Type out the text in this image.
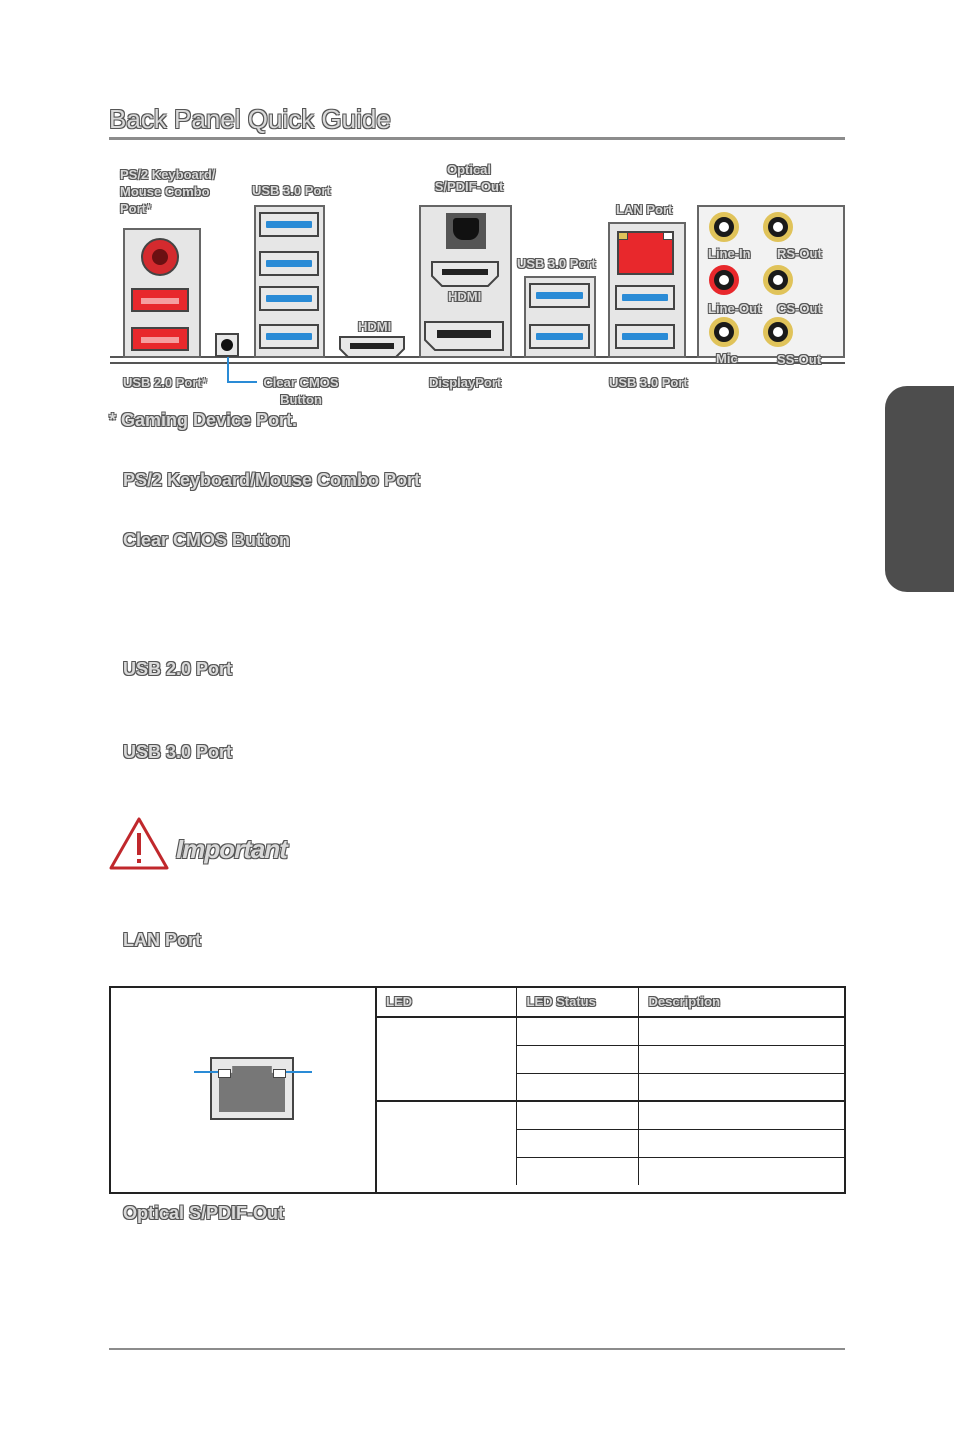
Back Panel Quick Guide
PS/2 Keyboard/
Mouse Combo
Port*
USB 3.0 Port
Optical
S/PDIF-Out
LAN Port
USB 3.0 Port
HDMI
HDMI
Line-In RS-Out
Line-Out CS-Out
Mic	SS-Out
USB 2.0 Port*	Clear CMOS
Button
DisplayPort	USB 3.0 Port
* Gaming Device Port.
PS/2 Keyboard/Mouse Combo Port
Clear CMOS Button
USB 2.0 Port
USB 3.0 Port
Important
LAN Port
LED	LED Status	Description

Optical S/PDIF-Out
